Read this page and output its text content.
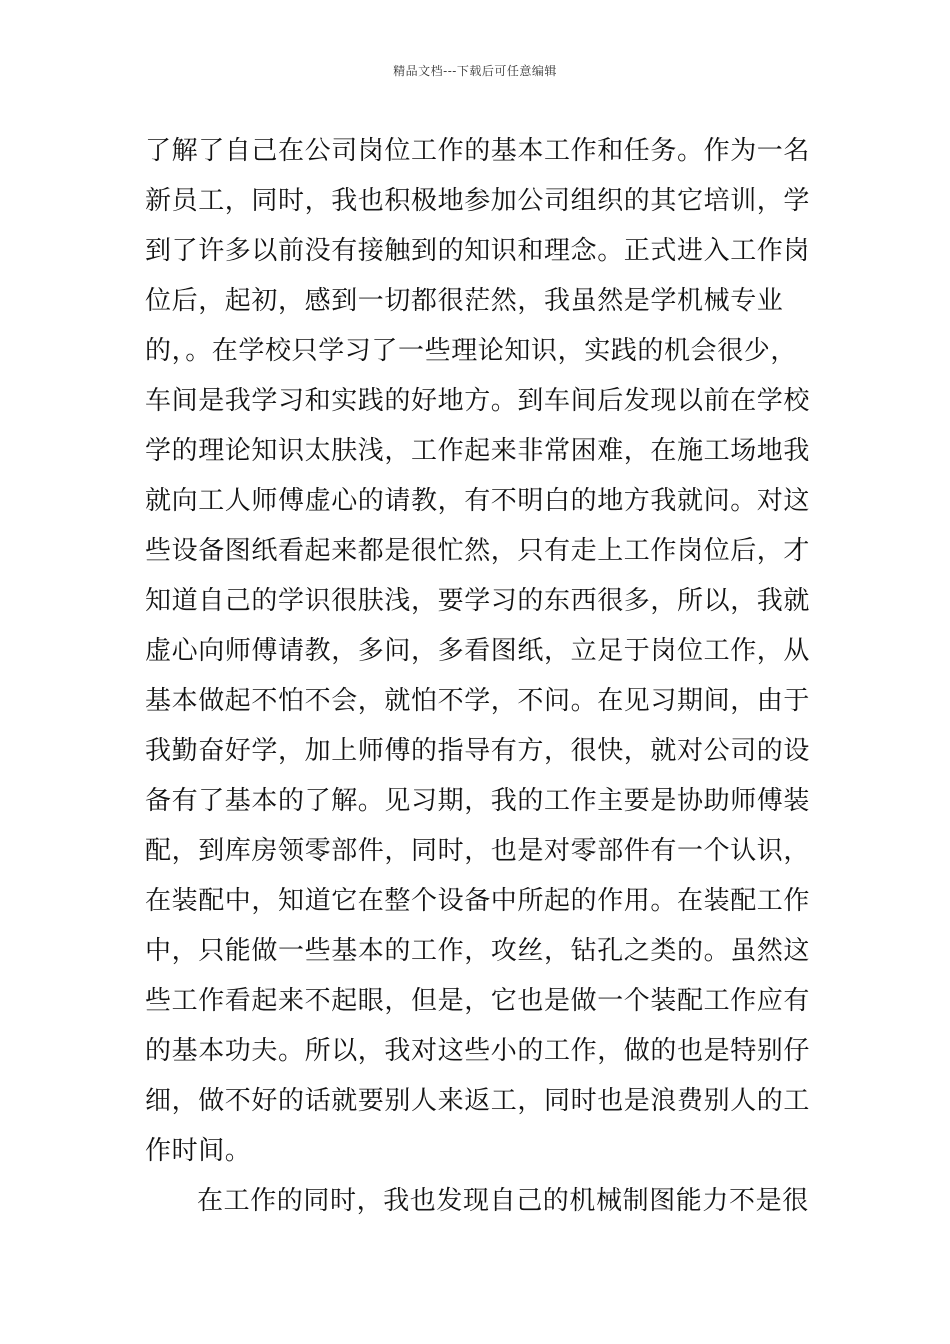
精品文档---下载后可任意编辑
了解了自己在公司岗位工作的基本工作和任务。作为一名
新员工，同时，我也积极地参加公司组织的其它培训，学
到了许多以前没有接触到的知识和理念。正式进入工作岗
位后，起初，感到一切都很茫然，我虽然是学机械专业
的，。在学校只学习了一些理论知识，实践的机会很少，
车间是我学习和实践的好地方。到车间后发现以前在学校
学的理论知识太肤浅，工作起来非常困难，在施工场地我
就向工人师傅虚心的请教，有不明白的地方我就问。对这
些设备图纸看起来都是很忙然，只有走上工作岗位后，才
知道自己的学识很肤浅，要学习的东西很多，所以，我就
虚心向师傅请教，多问，多看图纸，立足于岗位工作，从
基本做起不怕不会，就怕不学，不问。在见习期间，由于
我勤奋好学，加上师傅的指导有方，很快，就对公司的设
备有了基本的了解。见习期，我的工作主要是协助师傅装
配，到库房领零部件，同时，也是对零部件有一个认识，
在装配中，知道它在整个设备中所起的作用。在装配工作
中，只能做一些基本的工作，攻丝，钻孔之类的。虽然这
些工作看起来不起眼，但是，它也是做一个装配工作应有
的基本功夫。所以，我对这些小的工作，做的也是特别仔
细，做不好的话就要别人来返工，同时也是浪费别人的工
作时间。
在工作的同时，我也发现自己的机械制图能力不是很
